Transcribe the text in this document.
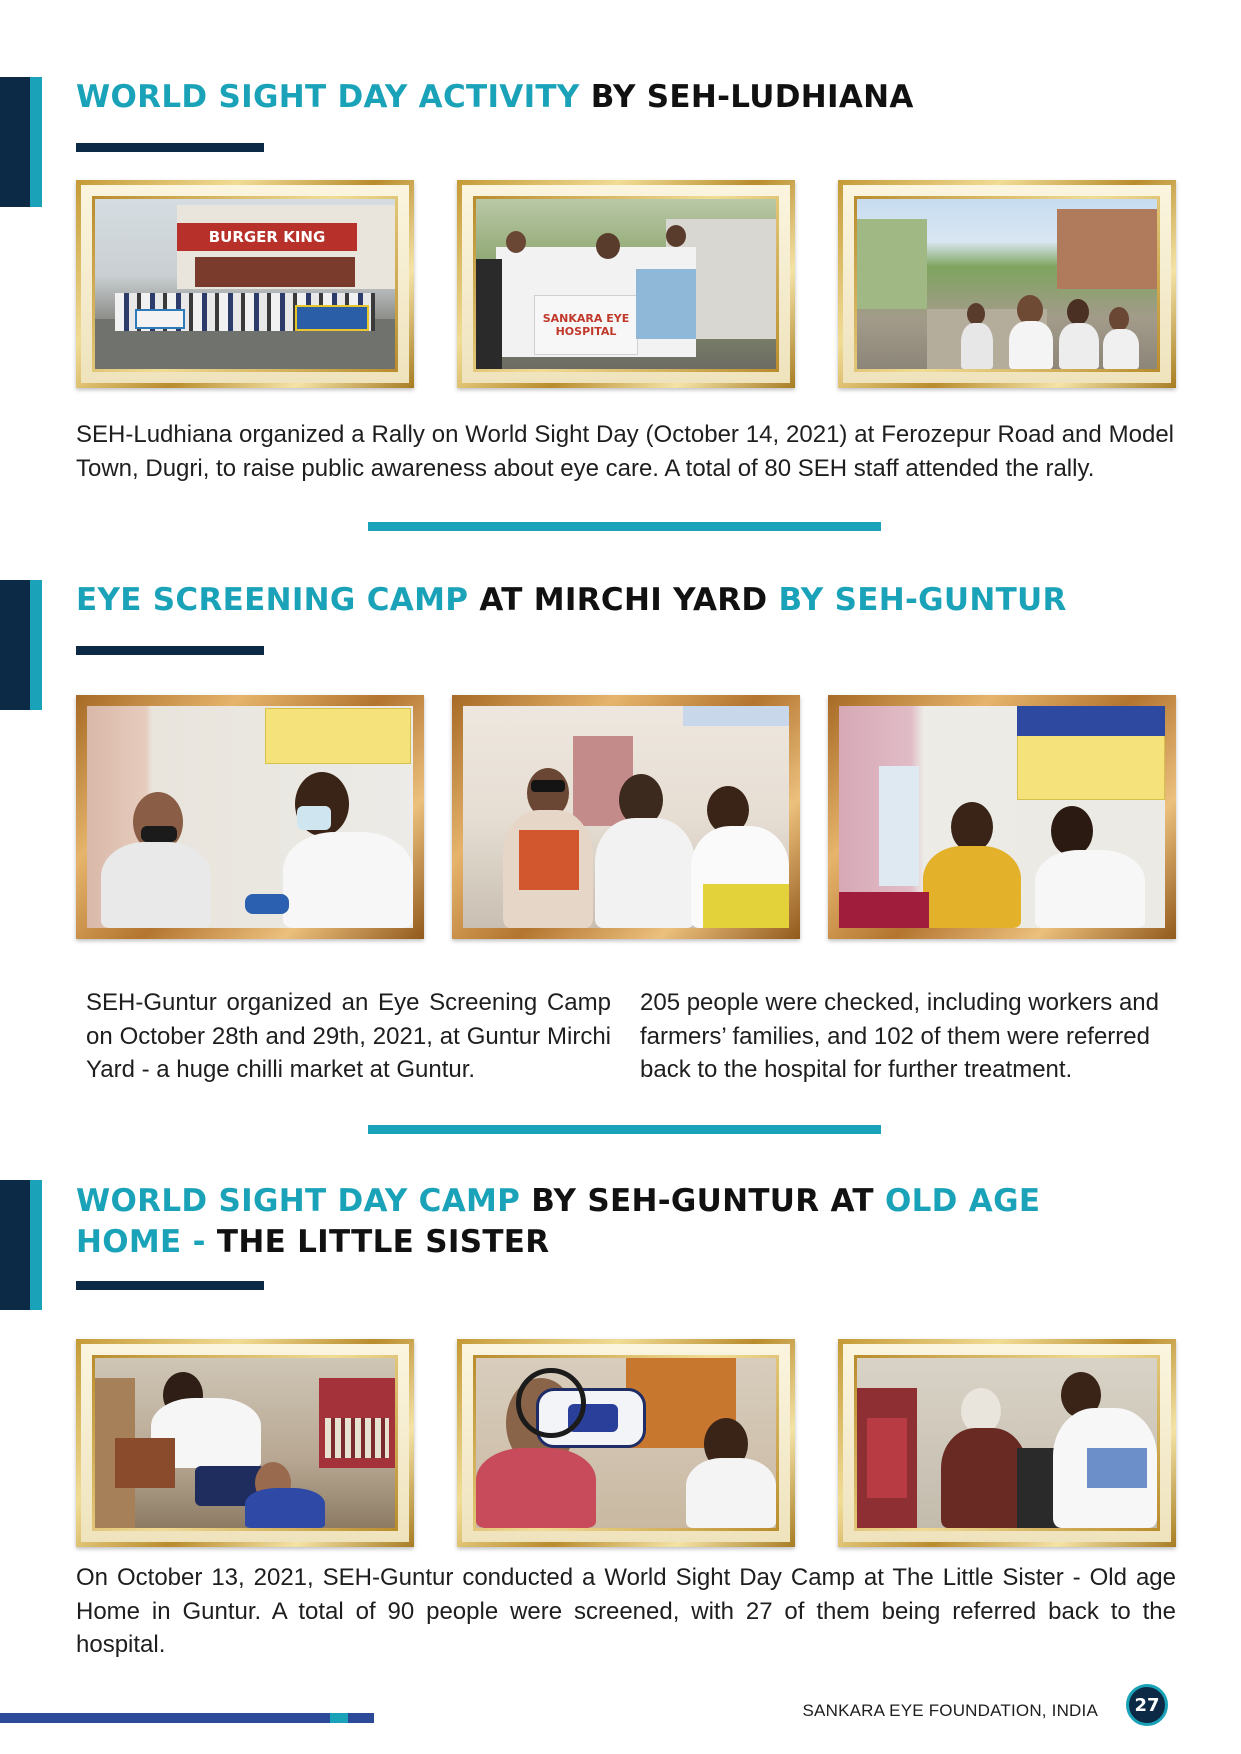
WORLD SIGHT DAY ACTIVITY BY SEH-LUDHIANA
BURGER KING
SANKARA EYE HOSPITAL

SEH-Ludhiana organized a Rally on World Sight Day (October 14, 2021) at Ferozepur Road and Model Town, Dugri, to raise public awareness about eye care. A total of 80 SEH staff attended the rally.

EYE SCREENING CAMP AT MIRCHI YARD BY SEH-GUNTUR

SEH-Guntur organized an Eye Screening Camp on October 28th and 29th, 2021, at Guntur Mirchi Yard - a huge chilli market at Guntur.

205 people were checked, including workers and farmers’ families, and 102 of them were referred back to the hospital for further treatment.

WORLD SIGHT DAY CAMP BY SEH-GUNTUR AT OLD AGE
HOME - THE LITTLE SISTER

On October 13, 2021, SEH-Guntur conducted a World Sight Day Camp at The Little Sister - Old age Home in Guntur. A total of 90 people were screened, with 27 of them being referred back to the hospital.

SANKARA EYE FOUNDATION, INDIA	27
